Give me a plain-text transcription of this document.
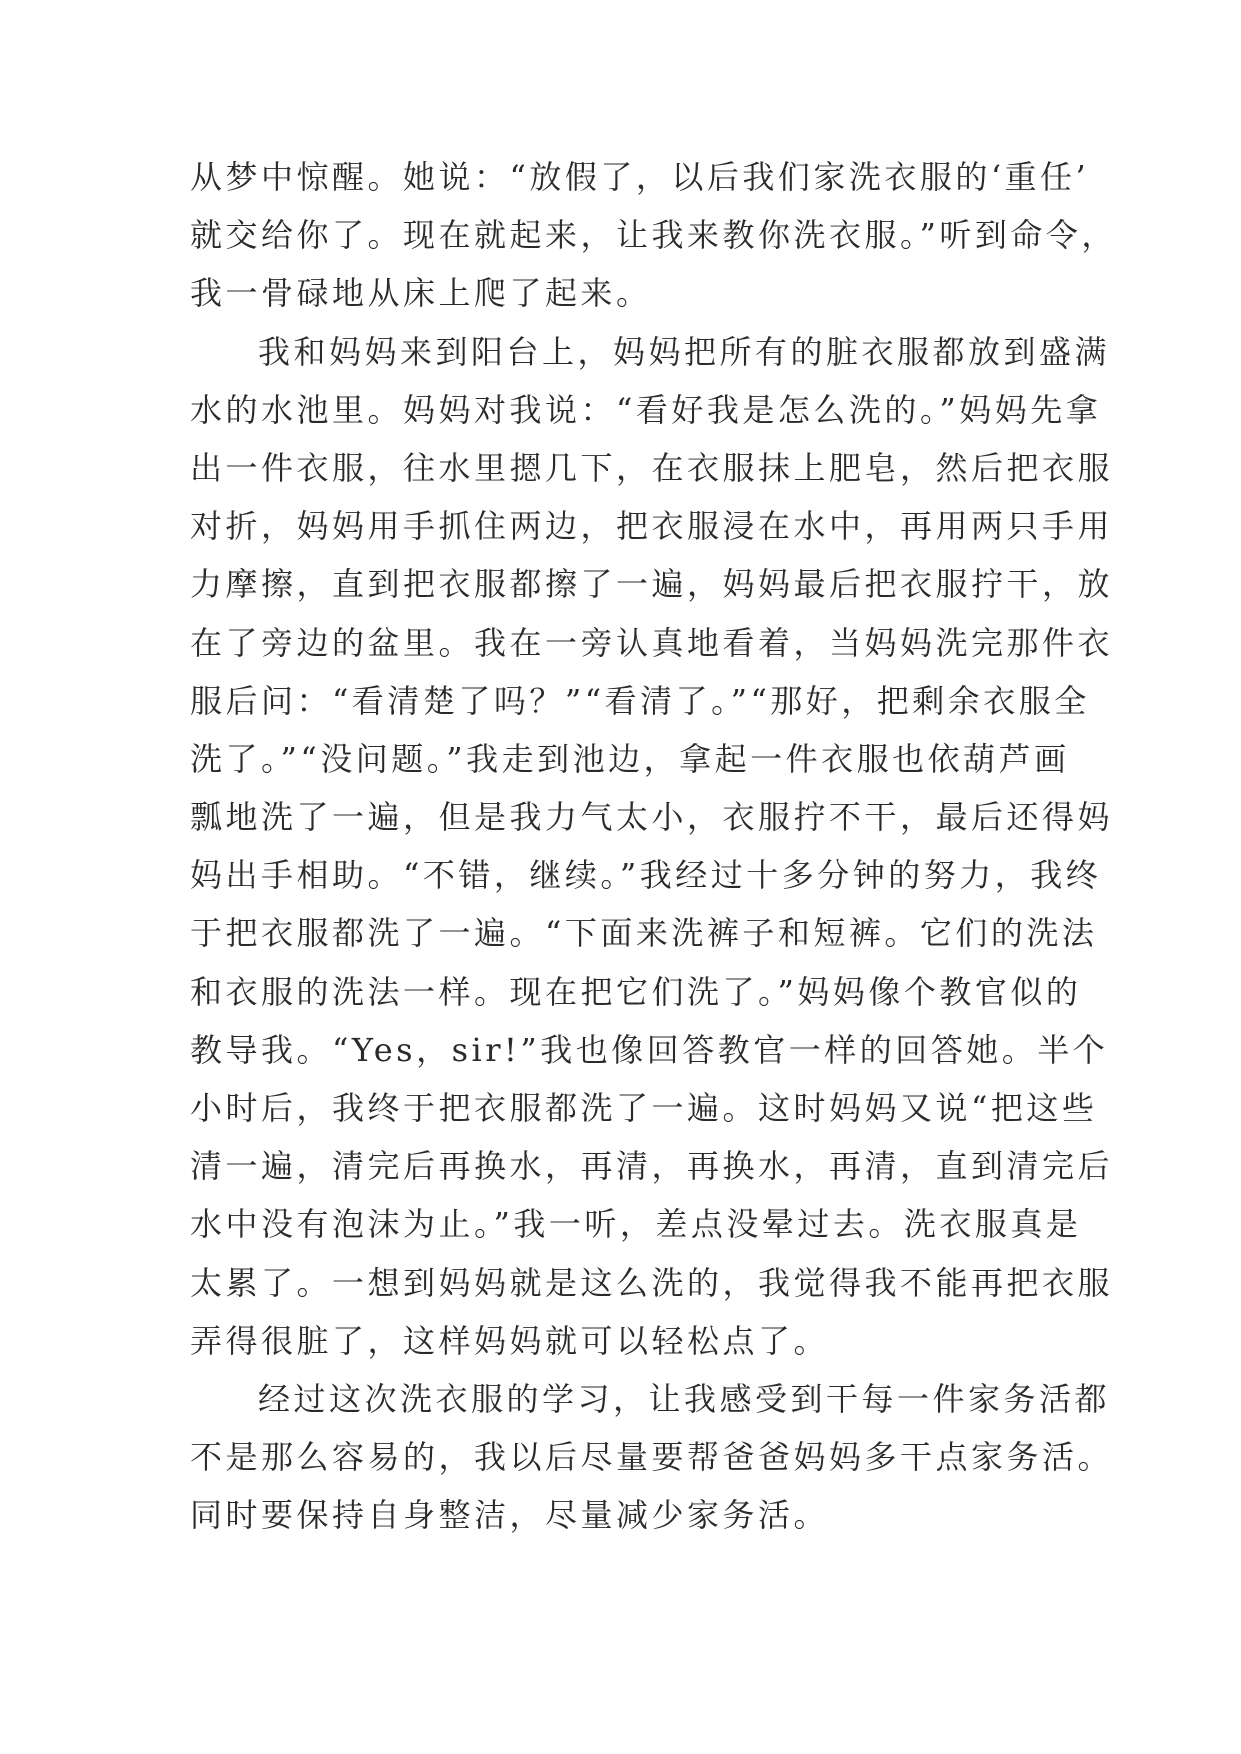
从梦中惊醒。她说：“放假了，以后我们家洗衣服的‘重任’
就交给你了。现在就起来，让我来教你洗衣服。”听到命令，
我一骨碌地从床上爬了起来。
我和妈妈来到阳台上，妈妈把所有的脏衣服都放到盛满
水的水池里。妈妈对我说：“看好我是怎么洗的。”妈妈先拿
出一件衣服，往水里摁几下，在衣服抹上肥皂，然后把衣服
对折，妈妈用手抓住两边，把衣服浸在水中，再用两只手用
力摩擦，直到把衣服都擦了一遍，妈妈最后把衣服拧干，放
在了旁边的盆里。我在一旁认真地看着，当妈妈洗完那件衣
服后问：“看清楚了吗？”“看清了。”“那好，把剩余衣服全
洗了。”“没问题。”我走到池边，拿起一件衣服也依葫芦画
瓢地洗了一遍，但是我力气太小，衣服拧不干，最后还得妈
妈出手相助。“不错，继续。”我经过十多分钟的努力，我终
于把衣服都洗了一遍。“下面来洗裤子和短裤。它们的洗法
和衣服的洗法一样。现在把它们洗了。”妈妈像个教官似的
教导我。“Yes，sir!”我也像回答教官一样的回答她。半个
小时后，我终于把衣服都洗了一遍。这时妈妈又说“把这些
清一遍，清完后再换水，再清，再换水，再清，直到清完后
水中没有泡沫为止。”我一听，差点没晕过去。洗衣服真是
太累了。一想到妈妈就是这么洗的，我觉得我不能再把衣服
弄得很脏了，这样妈妈就可以轻松点了。
经过这次洗衣服的学习，让我感受到干每一件家务活都
不是那么容易的，我以后尽量要帮爸爸妈妈多干点家务活。
同时要保持自身整洁，尽量减少家务活。
